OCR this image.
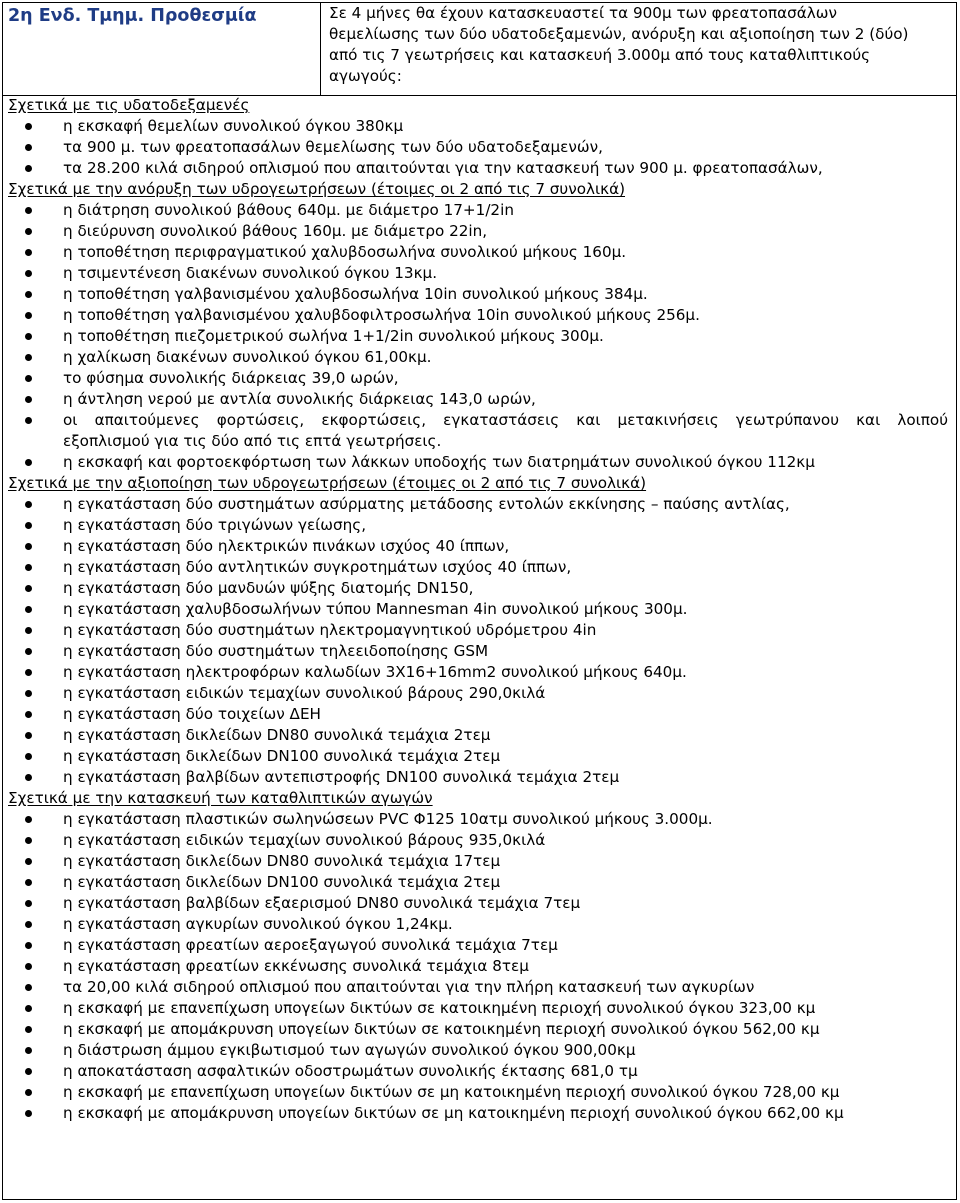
2η Ενδ. Τμημ. Προθεσμία	Σε 4 μήνες θα έχουν κατασκευαστεί τα 900μ των φρεατοπασάλων
θεμελίωσης των δύο υδατοδεξαμενών, ανόρυξη και αξιοποίηση των 2 (δύο)
από τις 7 γεωτρήσεις και κατασκευή 3.000μ από τους καταθλιπτικούς
αγωγούς:
Σχετικά με τις υδατοδεξαμενές
η εκσκαφή θεμελίων συνολικού όγκου 380κμ
τα 900 μ. των φρεατοπασάλων θεμελίωσης των δύο υδατοδεξαμενών,
τα 28.200 κιλά σιδηρού οπλισμού που απαιτούνται για την κατασκευή των 900 μ. φρεατοπασάλων,
Σχετικά με την ανόρυξη των υδρογεωτρήσεων (έτοιμες οι 2 από τις 7 συνολικά)
η διάτρηση συνολικού βάθους 640μ. με διάμετρο 17+1/2in
η διεύρυνση συνολικού βάθους 160μ. με διάμετρο 22in,
η τοποθέτηση περιφραγματικού χαλυβδοσωλήνα συνολικού μήκους 160μ.
η τσιμεντένεση διακένων συνολικού όγκου 13κμ.
η τοποθέτηση γαλβανισμένου χαλυβδοσωλήνα 10in συνολικού μήκους 384μ.
η τοποθέτηση γαλβανισμένου χαλυβδοφιλτροσωλήνα 10in συνολικού μήκους 256μ.
η τοποθέτηση πιεζομετρικού σωλήνα 1+1/2in συνολικού μήκους 300μ.
η χαλίκωση διακένων συνολικού όγκου 61,00κμ.
το φύσημα συνολικής διάρκειας 39,0 ωρών,
η άντληση νερού με αντλία συνολικής διάρκειας 143,0 ωρών,
οι απαιτούμενες φορτώσεις, εκφορτώσεις, εγκαταστάσεις και μετακινήσεις γεωτρύπανου και λοιπού
εξοπλισμού για τις δύο από τις επτά γεωτρήσεις.
η εκσκαφή και φορτοεκφόρτωση των λάκκων υποδοχής των διατρημάτων συνολικού όγκου 112κμ
Σχετικά με την αξιοποίηση των υδρογεωτρήσεων (έτοιμες οι 2 από τις 7 συνολικά)
η εγκατάσταση δύο συστημάτων ασύρματης μετάδοσης εντολών εκκίνησης – παύσης αντλίας,
η εγκατάσταση δύο τριγώνων γείωσης,
η εγκατάσταση δύο ηλεκτρικών πινάκων ισχύος 40 ίππων,
η εγκατάσταση δύο αντλητικών συγκροτημάτων ισχύος 40 ίππων,
η εγκατάσταση δύο μανδυών ψύξης διατομής DN150,
η εγκατάσταση χαλυβδοσωλήνων τύπου Mannesman 4in συνολικού μήκους 300μ.
η εγκατάσταση δύο συστημάτων ηλεκτρομαγνητικού υδρόμετρου 4in
η εγκατάσταση δύο συστημάτων τηλεειδοποίησης GSM
η εγκατάσταση ηλεκτροφόρων καλωδίων 3Χ16+16mm2 συνολικού μήκους 640μ.
η εγκατάσταση ειδικών τεμαχίων συνολικού βάρους 290,0κιλά
η εγκατάσταση δύο τοιχείων ΔΕΗ
η εγκατάσταση δικλείδων DN80 συνολικά τεμάχια 2τεμ
η εγκατάσταση δικλείδων DN100 συνολικά τεμάχια 2τεμ
η εγκατάσταση βαλβίδων αντεπιστροφής DN100 συνολικά τεμάχια 2τεμ
Σχετικά με την κατασκευή των καταθλιπτικών αγωγών
η εγκατάσταση πλαστικών σωληνώσεων PVC Φ125 10ατμ συνολικού μήκους 3.000μ.
η εγκατάσταση ειδικών τεμαχίων συνολικού βάρους 935,0κιλά
η εγκατάσταση δικλείδων DN80 συνολικά τεμάχια 17τεμ
η εγκατάσταση δικλείδων DN100 συνολικά τεμάχια 2τεμ
η εγκατάσταση βαλβίδων εξαερισμού DN80 συνολικά τεμάχια 7τεμ
η εγκατάσταση αγκυρίων συνολικού όγκου 1,24κμ.
η εγκατάσταση φρεατίων αεροεξαγωγού συνολικά τεμάχια 7τεμ
η εγκατάσταση φρεατίων εκκένωσης συνολικά τεμάχια 8τεμ
τα 20,00 κιλά σιδηρού οπλισμού που απαιτούνται για την πλήρη κατασκευή των αγκυρίων
η εκσκαφή με επανεπίχωση υπογείων δικτύων σε κατοικημένη περιοχή συνολικού όγκου 323,00 κμ
η εκσκαφή με απομάκρυνση υπογείων δικτύων σε κατοικημένη περιοχή συνολικού όγκου 562,00 κμ
η διάστρωση άμμου εγκιβωτισμού των αγωγών συνολικού όγκου 900,00κμ
η αποκατάσταση ασφαλτικών οδοστρωμάτων συνολικής έκτασης 681,0 τμ
η εκσκαφή με επανεπίχωση υπογείων δικτύων σε μη κατοικημένη περιοχή συνολικού όγκου 728,00 κμ
η εκσκαφή με απομάκρυνση υπογείων δικτύων σε μη κατοικημένη περιοχή συνολικού όγκου 662,00 κμ
